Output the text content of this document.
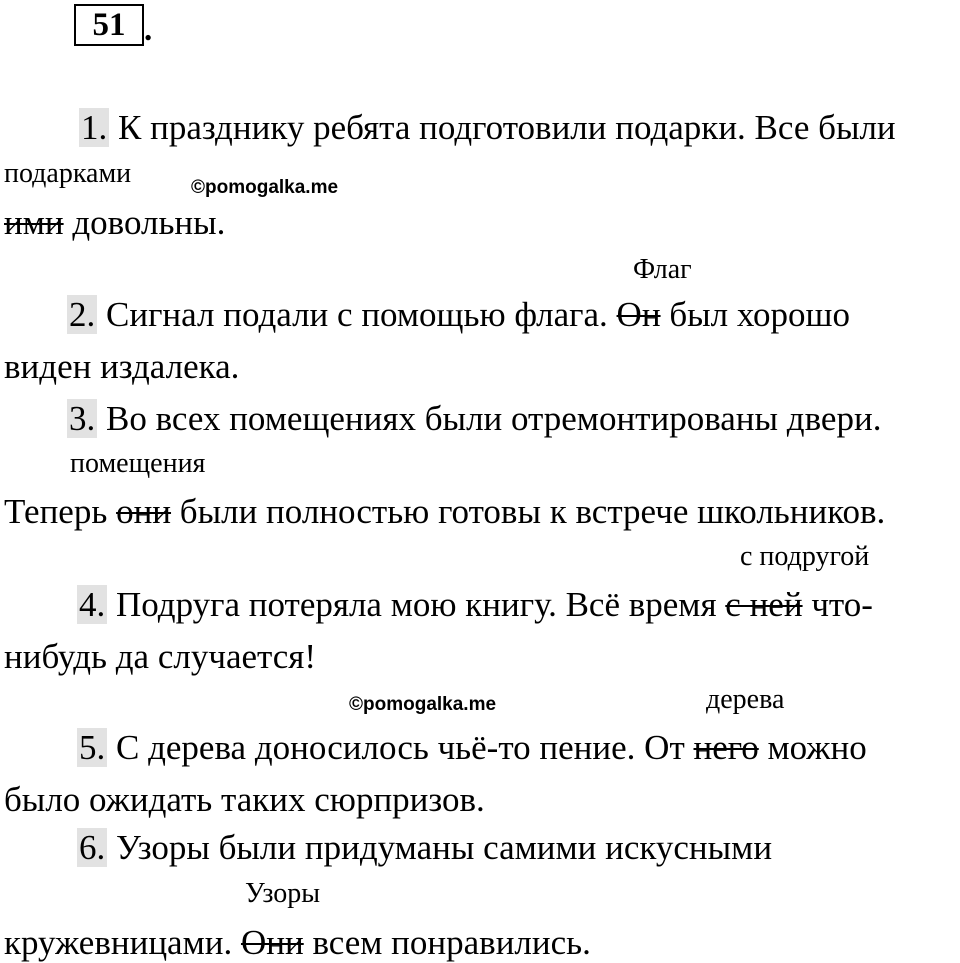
51 .
1. К празднику ребята подготовили подарки. Все были
подарками	©pomogalka.me
ими довольны.
Флаг
2. Сигнал подали с помощью флага. Он был хорошо
виден издалека.
3. Во всех помещениях были отремонтированы двери.
помещения
Теперь они были полностью готовы к встрече школьников.
с подругой
4. Подруга потеряла мою книгу. Всё время с ней что-
нибудь да случается!
©pomogalka.me	дерева
5. С дерева доносилось чьё-то пение. От него можно
было ожидать таких сюрпризов.
6. Узоры были придуманы самими искусными
Узоры
кружевницами. Они всем понравились.
